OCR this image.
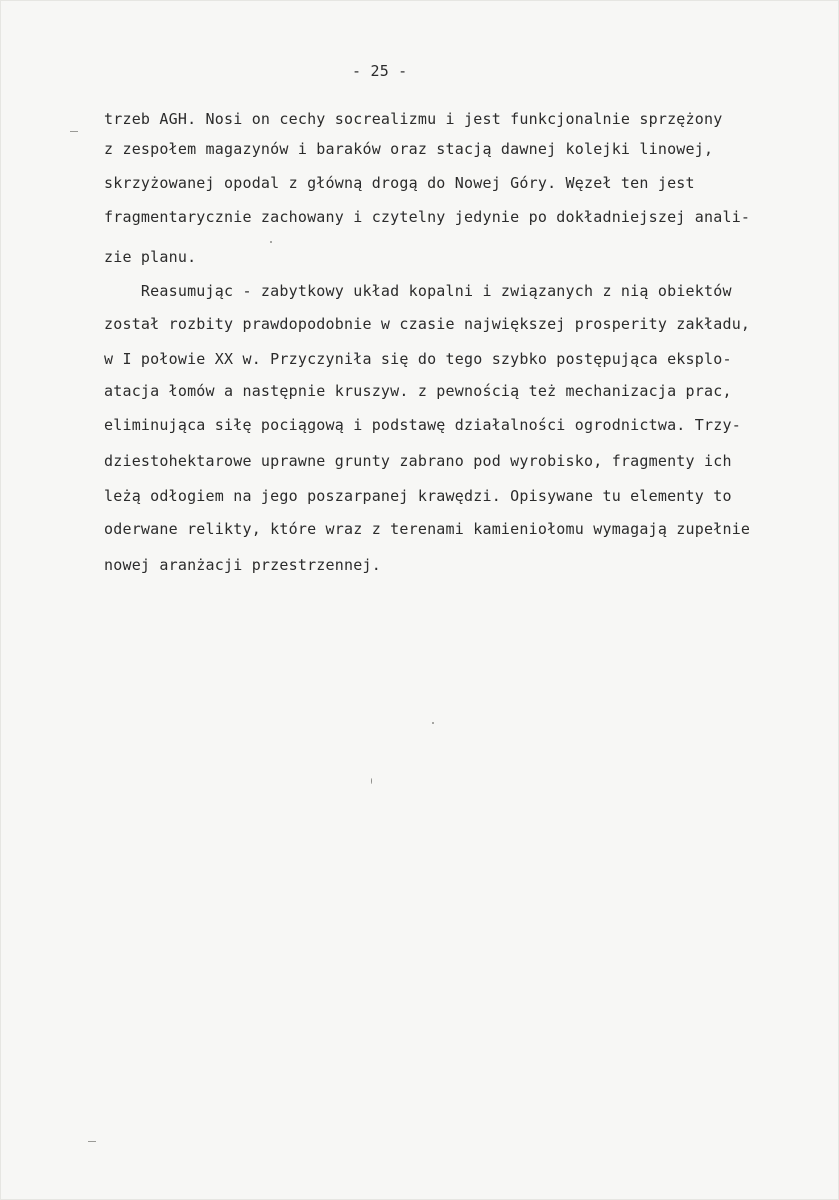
- 25 -
trzeb AGH. Nosi on cechy socrealizmu i jest funkcjonalnie sprzężony
z zespołem magazynów i baraków oraz stacją dawnej kolejki linowej,
skrzyżowanej opodal z główną drogą do Nowej Góry. Węzeł ten jest
fragmentarycznie zachowany i czytelny jedynie po dokładniejszej anali-
zie planu.
Reasumując - zabytkowy układ kopalni i związanych z nią obiektów
został rozbity prawdopodobnie w czasie największej prosperity zakładu,
w I połowie XX w. Przyczyniła się do tego szybko postępująca eksplo-
atacja łomów a następnie kruszyw. z pewnością też mechanizacja prac,
eliminująca siłę pociągową i podstawę działalności ogrodnictwa. Trzy-
dziestohektarowe uprawne grunty zabrano pod wyrobisko, fragmenty ich
leżą odłogiem na jego poszarpanej krawędzi. Opisywane tu elementy to
oderwane relikty, które wraz z terenami kamieniołomu wymagają zupełnie
nowej aranżacji przestrzennej.
